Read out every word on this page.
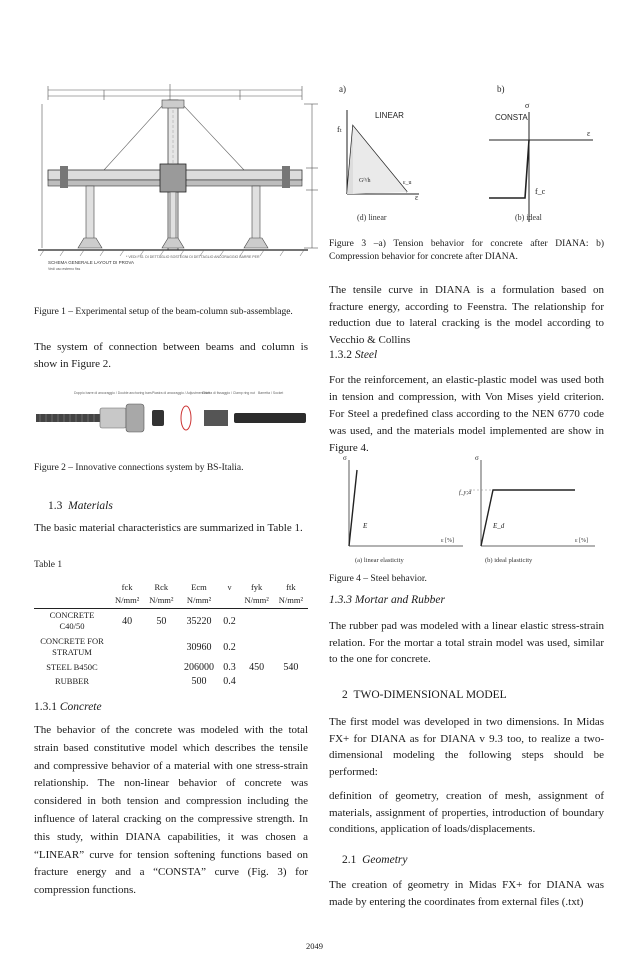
SCHEMA GENERALE LAYOUT DI PROVA
Vedi uso esterno fiss
* VEDI FIG. DI DETTAGLIO SOSTEGNI DI DETTAGLIO ANCORAGGIO BARRE PER
Figure 1 – Experimental setup of the beam-column sub-assemblage.
The system of connection between beams and column is show in Figure 2.
Doppio barre di ancoraggio / Double anchoring bars Piastra di ancoraggio / Adjustment bolt
Ghiera di fissaggio / Clamp ring nut Barretta / Socket
Figure 2 – Innovative connections system by BS-Italia.
1.3 Materials
The basic material characteristics are summarized in Table 1.
Table 1
	fck	Rck	Ecm	ν	fyk	ftk
	N/mm²	N/mm²	N/mm²		N/mm²	N/mm²
CONCRETE
C40/50	40	50	35220	0.2		
CONCRETE FOR
STRATUM			30960	0.2		
STEEL B450C			206000	0.3	450	540
RUBBER			500	0.4		
1.3.1 Concrete
The behavior of the concrete was modeled with the total strain based constitutive model which describes the tensile and compressive behavior of a material with one stress-strain relationship. The non-linear behavior of concrete was considered in both tension and compression including the influence of lateral cracking on the compressive strength. In this study, within DIANA capabilities, it was chosen a “LINEAR” curve for tension softening functions based on fracture energy and a “CONSTA” curve (Fig. 3) for compression functions.
a)	b)
fₜ
LINEAR
Gᶠᴵ/h	ε_u
ε
(d) linear
σ
CONSTA
f_c
ε
(b) ideal
Figure 3 –a) Tension behavior for concrete after DIANA: b) Compression behavior for concrete after DIANA.
The tensile curve in DIANA is a formulation based on fracture energy, according to Feenstra. The relationship for reduction due to lateral cracking is the model according to Vecchio & Collins
1.3.2 Steel
For the reinforcement, an elastic-plastic model was used both in tension and compression, with Von Mises yield criterion. For Steel a predefined class according to the NEN 6770 code was used, and the materials model implemented are show in Figure 4.
σ
E
ε [%]
(a) linear elasticity
σ
f_y;d
E_d
ε [%]
(b) ideal plasticity
Figure 4 – Steel behavior.
1.3.3 Mortar and Rubber
The rubber pad was modeled with a linear elastic stress-strain relation. For the mortar a total strain model was used, similar to the one for concrete.
2 TWO-DIMENSIONAL MODEL
The first model was developed in two dimensions. In Midas FX+ for DIANA as for DIANA v 9.3 too, to realize a two-dimensional modeling the following steps should be performed:
definition of geometry, creation of mesh, assignment of materials, assignment of properties, introduction of boundary conditions, application of loads/displacements.
2.1 Geometry
The creation of geometry in Midas FX+ for DIANA was made by entering the coordinates from external files (.txt)
2049
